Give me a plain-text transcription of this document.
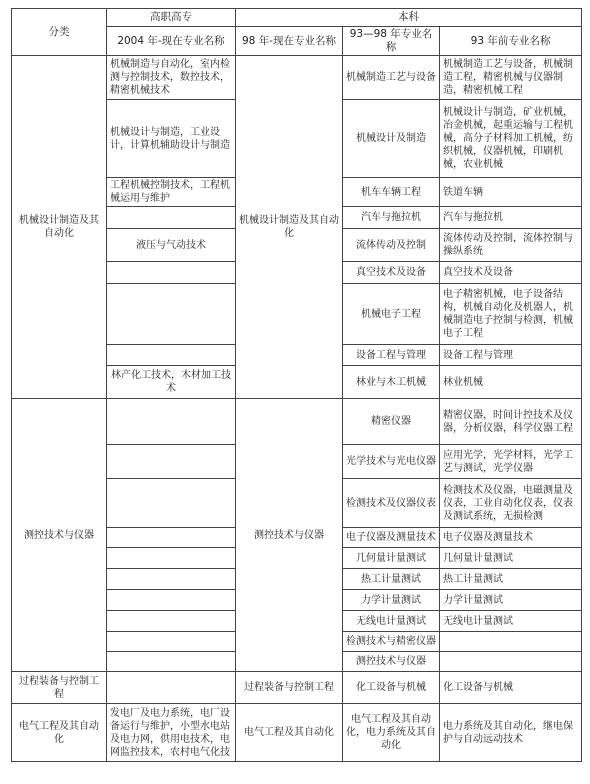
分类	高职高专	本科		
	2004 年-现在专业名称	98 年-现在专业名称	93—98 年专业名称	93 年前专业名称
机械设计制造及其自动化	机械制造与自动化，室内检测与控制技术，数控技术，精密机械技术	机械设计制造及其自动化	机械制造工艺与设备	机械制造工艺与设备，机械制造工程，精密机械与仪器制造，精密机械工程
	机械设计与制造，工业设计，计算机辅助设计与制造		机械设计及制造	机械设计与制造，矿业机械，冶金机械，起重运输与工程机械，高分子材料加工机械，纺织机械，仪器机械，印刷机械，农业机械
	工程机械控制技术，工程机械运用与维护		机车车辆工程	铁道车辆
			汽车与拖拉机	汽车与拖拉机
	液压与气动技术		流体传动及控制	流体传动及控制，流体控制与操纵系统
			真空技术及设备	真空技术及设备
			机械电子工程	电子精密机械，电子设备结构，机械自动化及机器人，机械制造电子控制与检测，机械电子工程
			设备工程与管理	设备工程与管理
	林产化工技术，木材加工技术		林业与木工机械	林业机械
测控技术与仪器		测控技术与仪器	精密仪器	精密仪器，时间计控技术及仪器，分析仪器，科学仪器工程
			光学技术与光电仪器	应用光学，光学材料，光学工艺与测试，光学仪器
			检测技术及仪器仪表	检测技术及仪器，电磁测量及仪表，工业自动化仪表，仪表及测试系统，无损检测
			电子仪器及测量技术	电子仪器及测量技术
			几何量计量测试	几何量计量测试
			热工计量测试	热工计量测试
			力学计量测试	力学计量测试
			无线电计量测试	无线电计量测试
			检测技术与精密仪器	
			测控技术与仪器	
过程装备与控制工程		过程装备与控制工程	化工设备与机械	化工设备与机械
电气工程及其自动化	发电厂及电力系统，电厂设备运行与维护，小型水电站及电力网，供用电技术，电网监控技术，农村电气化技	电气工程及其自动化	电气工程及其自动化，电力系统及其自动化	电力系统及其自动化，继电保护与自动远动技术
